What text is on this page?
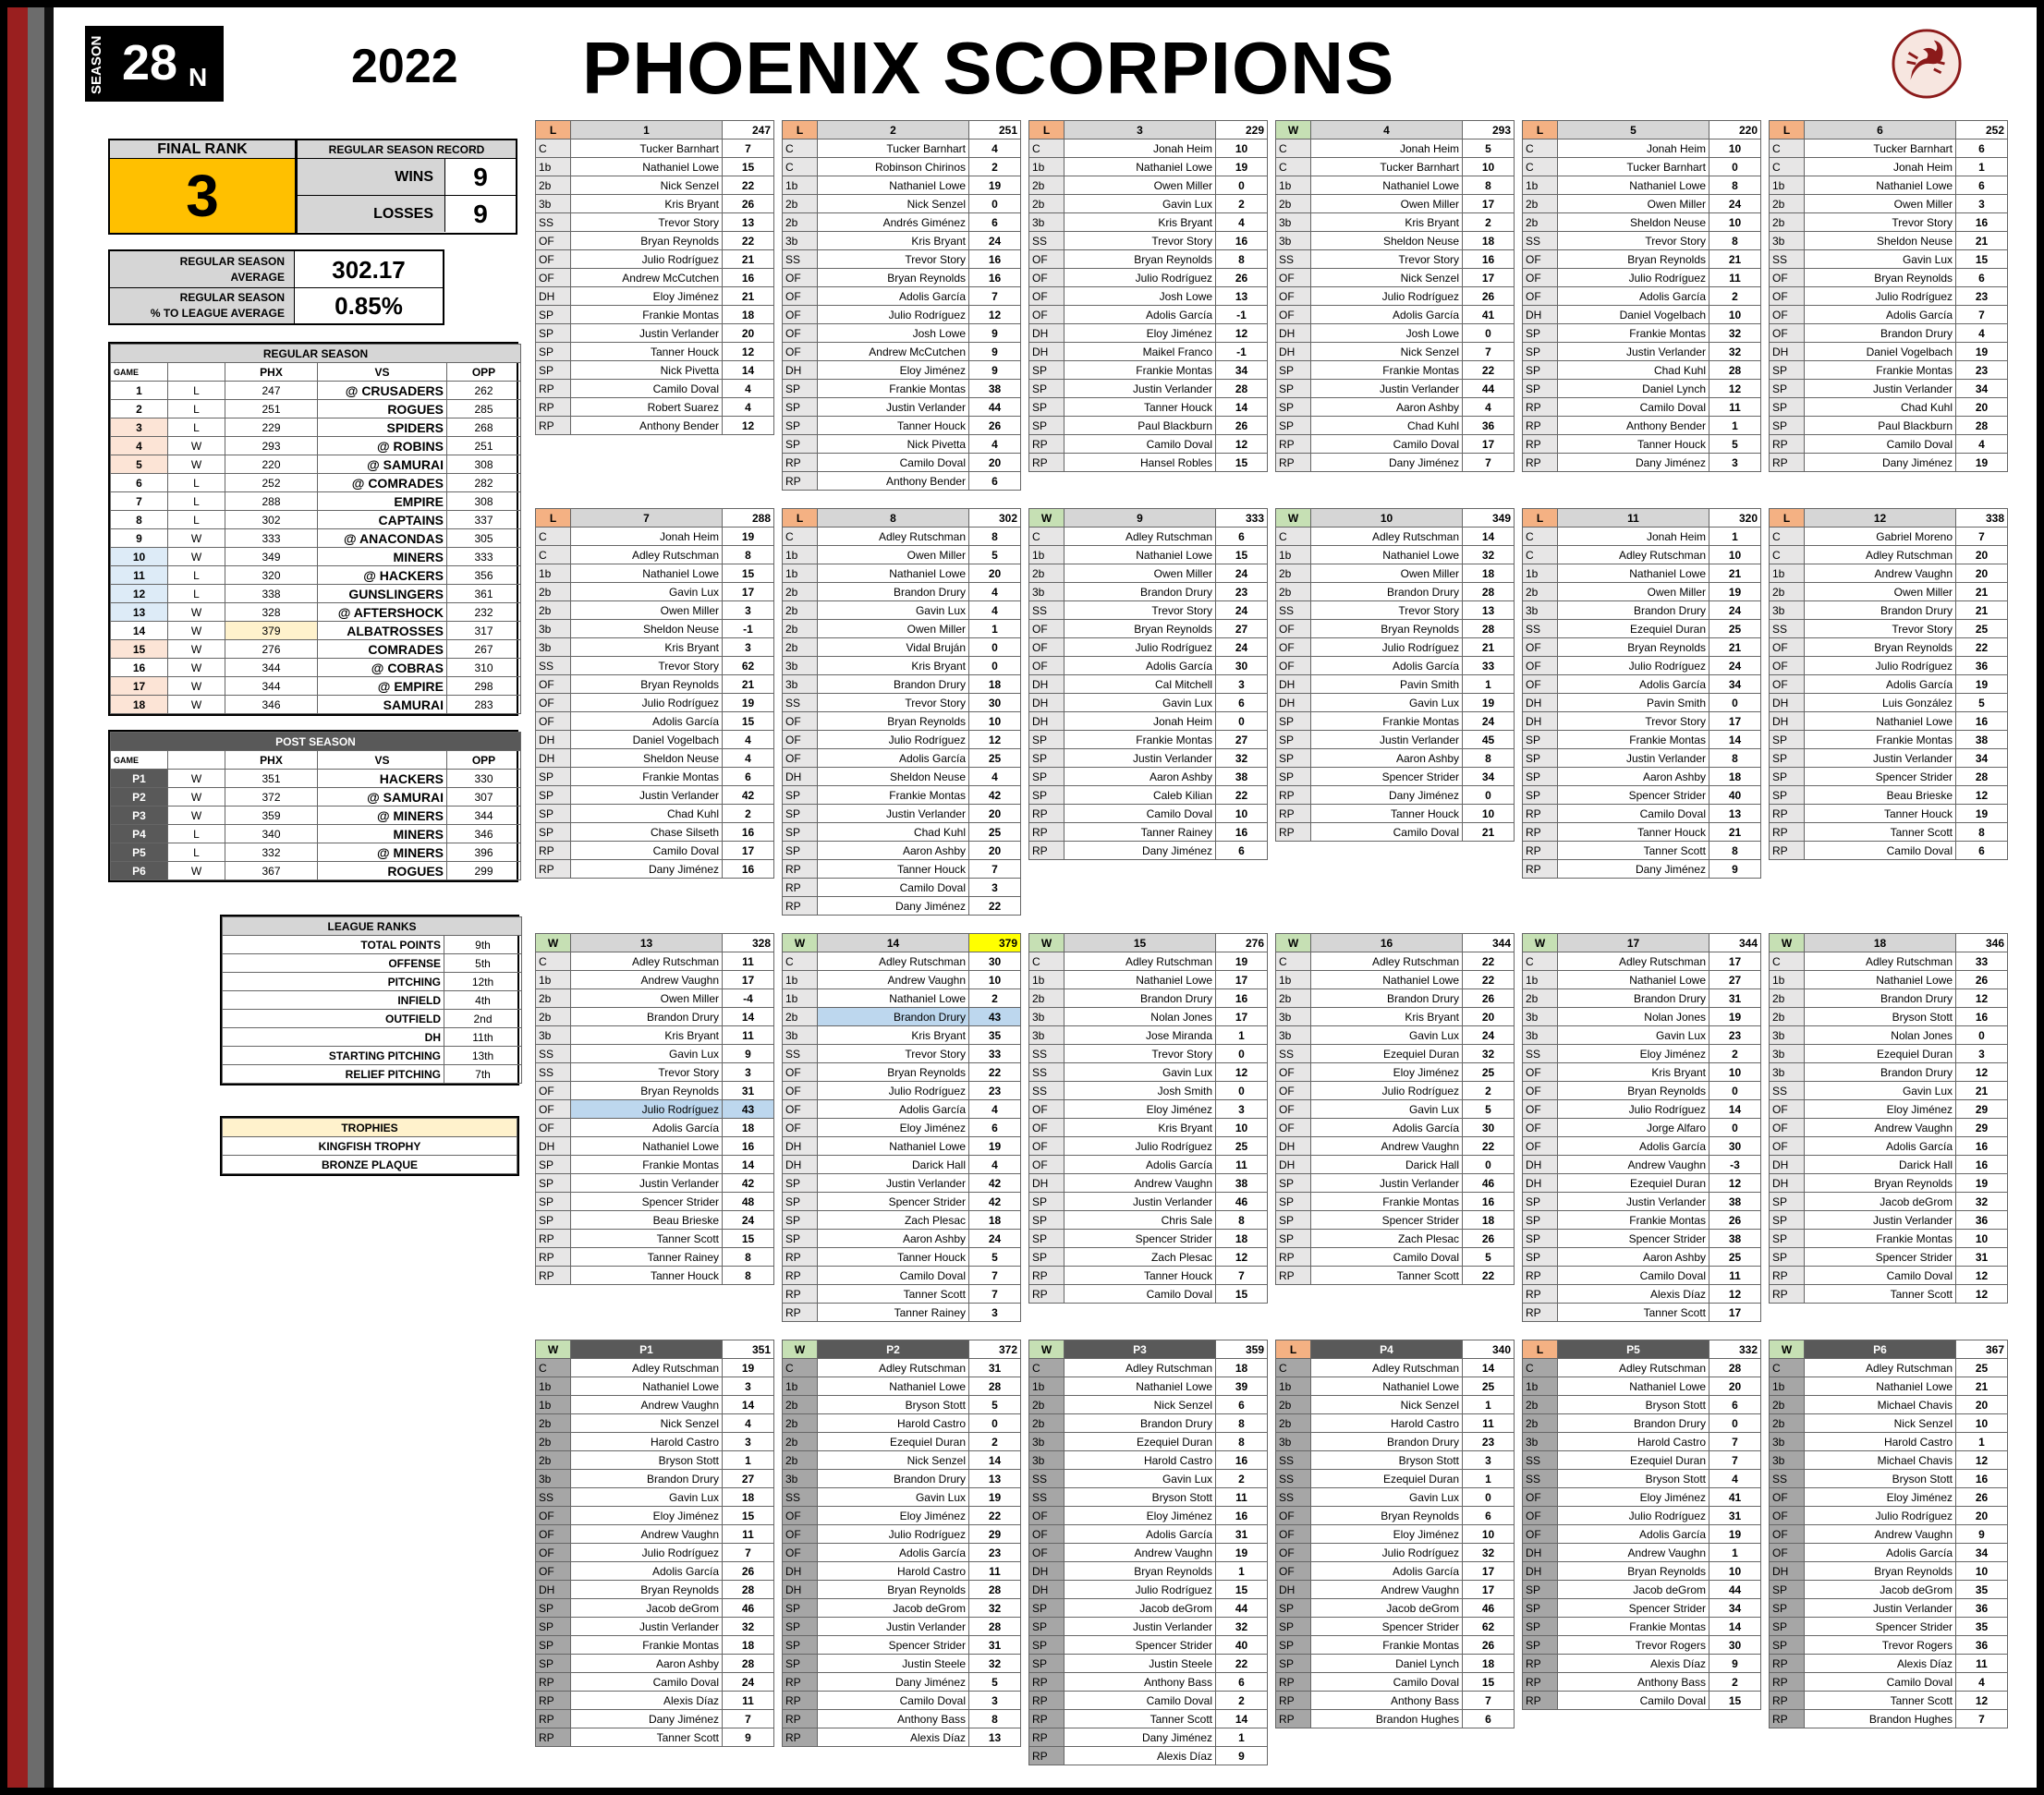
SEASON 28 N	2022 PHOENIX SCORPIONS
FINAL RANK
3
REGULAR SEASON RECORD
WINS	9
LOSSES	9
REGULAR SEASON
AVERAGE	302.17
REGULAR SEASON
% TO LEAGUE AVERAGE	0.85%
REGULAR SEASON				
GAME		PHX	VS	OPP
1	L	247	@ CRUSADERS	262
2	L	251	ROGUES	285
3	L	229	SPIDERS	268
4	W	293	@ ROBINS	251
5	W	220	@ SAMURAI	308
6	L	252	@ COMRADES	282
7	L	288	EMPIRE	308
8	L	302	CAPTAINS	337
9	W	333	@ ANACONDAS	305
10	W	349	MINERS	333
11	L	320	@ HACKERS	356
12	L	338	GUNSLINGERS	361
13	W	328	@ AFTERSHOCK	232
14	W	379	ALBATROSSES	317
15	W	276	COMRADES	267
16	W	344	@ COBRAS	310
17	W	344	@ EMPIRE	298
18	W	346	SAMURAI	283
POST SEASON				
GAME		PHX	VS	OPP
P1	W	351	HACKERS	330
P2	W	372	@ SAMURAI	307
P3	W	359	@ MINERS	344
P4	L	340	MINERS	346
P5	L	332	@ MINERS	396
P6	W	367	ROGUES	299
LEAGUE RANKS	
TOTAL POINTS	9th
OFFENSE	5th
PITCHING	12th
INFIELD	4th
OUTFIELD	2nd
DH	11th
STARTING PITCHING	13th
RELIEF PITCHING	7th
TROPHIES
KINGFISH TROPHY
BRONZE PLAQUE
L	1	247
C	Tucker Barnhart	7
1b	Nathaniel Lowe	15
2b	Nick Senzel	22
3b	Kris Bryant	26
SS	Trevor Story	13
OF	Bryan Reynolds	22
OF	Julio Rodríguez	21
OF	Andrew McCutchen	16
DH	Eloy Jiménez	21
SP	Frankie Montas	18
SP	Justin Verlander	20
SP	Tanner Houck	12
SP	Nick Pivetta	14
RP	Camilo Doval	4
RP	Robert Suarez	4
RP	Anthony Bender	12
L	2	251
C	Tucker Barnhart	4
C	Robinson Chirinos	2
1b	Nathaniel Lowe	19
2b	Nick Senzel	0
2b	Andrés Giménez	6
3b	Kris Bryant	24
SS	Trevor Story	16
OF	Bryan Reynolds	16
OF	Adolis García	7
OF	Julio Rodríguez	12
OF	Josh Lowe	9
OF	Andrew McCutchen	9
DH	Eloy Jiménez	9
SP	Frankie Montas	38
SP	Justin Verlander	44
SP	Tanner Houck	26
SP	Nick Pivetta	4
RP	Camilo Doval	20
RP	Anthony Bender	6
L	3	229
C	Jonah Heim	10
1b	Nathaniel Lowe	19
2b	Owen Miller	0
2b	Gavin Lux	2
3b	Kris Bryant	4
SS	Trevor Story	16
OF	Bryan Reynolds	8
OF	Julio Rodríguez	26
OF	Josh Lowe	13
OF	Adolis García	-1
DH	Eloy Jiménez	12
DH	Maikel Franco	-1
SP	Frankie Montas	34
SP	Justin Verlander	28
SP	Tanner Houck	14
SP	Paul Blackburn	26
RP	Camilo Doval	12
RP	Hansel Robles	15
W	4	293
C	Jonah Heim	5
C	Tucker Barnhart	10
1b	Nathaniel Lowe	8
2b	Owen Miller	17
3b	Kris Bryant	2
3b	Sheldon Neuse	18
SS	Trevor Story	16
OF	Nick Senzel	17
OF	Julio Rodríguez	26
OF	Adolis García	41
DH	Josh Lowe	0
DH	Nick Senzel	7
SP	Frankie Montas	22
SP	Justin Verlander	44
SP	Aaron Ashby	4
SP	Chad Kuhl	36
RP	Camilo Doval	17
RP	Dany Jiménez	7
L	5	220
C	Jonah Heim	10
C	Tucker Barnhart	0
1b	Nathaniel Lowe	8
2b	Owen Miller	24
2b	Sheldon Neuse	10
SS	Trevor Story	8
OF	Bryan Reynolds	21
OF	Julio Rodríguez	11
OF	Adolis García	2
DH	Daniel Vogelbach	10
SP	Frankie Montas	32
SP	Justin Verlander	32
SP	Chad Kuhl	28
SP	Daniel Lynch	12
RP	Camilo Doval	11
RP	Anthony Bender	1
RP	Tanner Houck	5
RP	Dany Jiménez	3
L	6	252
C	Tucker Barnhart	6
C	Jonah Heim	1
1b	Nathaniel Lowe	6
2b	Owen Miller	3
2b	Trevor Story	16
3b	Sheldon Neuse	21
SS	Gavin Lux	15
OF	Bryan Reynolds	6
OF	Julio Rodríguez	23
OF	Adolis García	7
OF	Brandon Drury	4
DH	Daniel Vogelbach	19
SP	Frankie Montas	23
SP	Justin Verlander	34
SP	Chad Kuhl	20
SP	Paul Blackburn	28
RP	Camilo Doval	4
RP	Dany Jiménez	19
L	7	288
C	Jonah Heim	19
C	Adley Rutschman	8
1b	Nathaniel Lowe	15
2b	Gavin Lux	17
2b	Owen Miller	3
3b	Sheldon Neuse	-1
3b	Kris Bryant	3
SS	Trevor Story	62
OF	Bryan Reynolds	21
OF	Julio Rodríguez	19
OF	Adolis García	15
DH	Daniel Vogelbach	4
DH	Sheldon Neuse	4
SP	Frankie Montas	6
SP	Justin Verlander	42
SP	Chad Kuhl	2
SP	Chase Silseth	16
RP	Camilo Doval	17
RP	Dany Jiménez	16
L	8	302
C	Adley Rutschman	8
1b	Owen Miller	5
1b	Nathaniel Lowe	20
2b	Brandon Drury	4
2b	Gavin Lux	4
2b	Owen Miller	1
2b	Vidal Bruján	0
3b	Kris Bryant	0
3b	Brandon Drury	18
SS	Trevor Story	30
OF	Bryan Reynolds	10
OF	Julio Rodríguez	12
OF	Adolis García	25
DH	Sheldon Neuse	4
SP	Frankie Montas	42
SP	Justin Verlander	20
SP	Chad Kuhl	25
SP	Aaron Ashby	20
RP	Tanner Houck	7
RP	Camilo Doval	3
RP	Dany Jiménez	22
W	9	333
C	Adley Rutschman	6
1b	Nathaniel Lowe	15
2b	Owen Miller	24
3b	Brandon Drury	23
SS	Trevor Story	24
OF	Bryan Reynolds	27
OF	Julio Rodríguez	24
OF	Adolis García	30
DH	Cal Mitchell	3
DH	Gavin Lux	6
DH	Jonah Heim	0
SP	Frankie Montas	27
SP	Justin Verlander	32
SP	Aaron Ashby	38
SP	Caleb Kilian	22
RP	Camilo Doval	10
RP	Tanner Rainey	16
RP	Dany Jiménez	6
W	10	349
C	Adley Rutschman	14
1b	Nathaniel Lowe	32
2b	Owen Miller	18
2b	Brandon Drury	28
SS	Trevor Story	13
OF	Bryan Reynolds	28
OF	Julio Rodríguez	21
OF	Adolis García	33
DH	Pavin Smith	1
DH	Gavin Lux	19
SP	Frankie Montas	24
SP	Justin Verlander	45
SP	Aaron Ashby	8
SP	Spencer Strider	34
RP	Dany Jiménez	0
RP	Tanner Houck	10
RP	Camilo Doval	21
L	11	320
C	Jonah Heim	1
C	Adley Rutschman	10
1b	Nathaniel Lowe	21
2b	Owen Miller	19
3b	Brandon Drury	24
SS	Ezequiel Duran	25
OF	Bryan Reynolds	21
OF	Julio Rodríguez	24
OF	Adolis García	34
DH	Pavin Smith	0
DH	Trevor Story	17
SP	Frankie Montas	14
SP	Justin Verlander	8
SP	Aaron Ashby	18
SP	Spencer Strider	40
RP	Camilo Doval	13
RP	Tanner Houck	21
RP	Tanner Scott	8
RP	Dany Jiménez	9
L	12	338
C	Gabriel Moreno	7
C	Adley Rutschman	20
1b	Andrew Vaughn	20
2b	Owen Miller	21
3b	Brandon Drury	21
SS	Trevor Story	25
OF	Bryan Reynolds	22
OF	Julio Rodríguez	36
OF	Adolis García	19
DH	Luis González	5
DH	Nathaniel Lowe	16
SP	Frankie Montas	38
SP	Justin Verlander	34
SP	Spencer Strider	28
SP	Beau Brieske	12
RP	Tanner Houck	19
RP	Tanner Scott	8
RP	Camilo Doval	6
W	13	328
C	Adley Rutschman	11
1b	Andrew Vaughn	17
2b	Owen Miller	-4
2b	Brandon Drury	14
3b	Kris Bryant	11
SS	Gavin Lux	9
SS	Trevor Story	3
OF	Bryan Reynolds	31
OF	Julio Rodríguez	43
OF	Adolis García	18
DH	Nathaniel Lowe	16
SP	Frankie Montas	14
SP	Justin Verlander	42
SP	Spencer Strider	48
SP	Beau Brieske	24
RP	Tanner Scott	15
RP	Tanner Rainey	8
RP	Tanner Houck	8
W	14	379
C	Adley Rutschman	30
1b	Andrew Vaughn	10
1b	Nathaniel Lowe	2
2b	Brandon Drury	43
3b	Kris Bryant	35
SS	Trevor Story	33
OF	Bryan Reynolds	22
OF	Julio Rodríguez	23
OF	Adolis García	4
OF	Eloy Jiménez	6
DH	Nathaniel Lowe	19
DH	Darick Hall	4
SP	Justin Verlander	42
SP	Spencer Strider	42
SP	Zach Plesac	18
SP	Aaron Ashby	24
RP	Tanner Houck	5
RP	Camilo Doval	7
RP	Tanner Scott	7
RP	Tanner Rainey	3
W	15	276
C	Adley Rutschman	19
1b	Nathaniel Lowe	17
2b	Brandon Drury	16
3b	Nolan Jones	17
3b	Jose Miranda	1
SS	Trevor Story	0
SS	Gavin Lux	12
SS	Josh Smith	0
OF	Eloy Jiménez	3
OF	Kris Bryant	10
OF	Julio Rodríguez	25
OF	Adolis García	11
DH	Andrew Vaughn	38
SP	Justin Verlander	46
SP	Chris Sale	8
SP	Spencer Strider	18
SP	Zach Plesac	12
RP	Tanner Houck	7
RP	Camilo Doval	15
W	16	344
C	Adley Rutschman	22
1b	Nathaniel Lowe	22
2b	Brandon Drury	26
3b	Kris Bryant	20
3b	Gavin Lux	24
SS	Ezequiel Duran	32
OF	Eloy Jiménez	25
OF	Julio Rodríguez	2
OF	Gavin Lux	5
OF	Adolis García	30
DH	Andrew Vaughn	22
DH	Darick Hall	0
SP	Justin Verlander	46
SP	Frankie Montas	16
SP	Spencer Strider	18
SP	Zach Plesac	26
RP	Camilo Doval	5
RP	Tanner Scott	22
W	17	344
C	Adley Rutschman	17
1b	Nathaniel Lowe	27
2b	Brandon Drury	31
3b	Nolan Jones	19
3b	Gavin Lux	23
SS	Eloy Jiménez	2
OF	Kris Bryant	10
OF	Bryan Reynolds	0
OF	Julio Rodríguez	14
OF	Jorge Alfaro	0
OF	Adolis García	30
DH	Andrew Vaughn	-3
DH	Ezequiel Duran	12
SP	Justin Verlander	38
SP	Frankie Montas	26
SP	Spencer Strider	38
SP	Aaron Ashby	25
RP	Camilo Doval	11
RP	Alexis Díaz	12
RP	Tanner Scott	17
W	18	346
C	Adley Rutschman	33
1b	Nathaniel Lowe	26
2b	Brandon Drury	12
2b	Bryson Stott	16
3b	Nolan Jones	0
3b	Ezequiel Duran	3
3b	Brandon Drury	12
SS	Gavin Lux	21
OF	Eloy Jiménez	29
OF	Andrew Vaughn	29
OF	Adolis García	16
DH	Darick Hall	16
DH	Bryan Reynolds	19
SP	Jacob deGrom	32
SP	Justin Verlander	36
SP	Frankie Montas	10
SP	Spencer Strider	31
RP	Camilo Doval	12
RP	Tanner Scott	12
W	P1	351
C	Adley Rutschman	19
1b	Nathaniel Lowe	3
1b	Andrew Vaughn	14
2b	Nick Senzel	4
2b	Harold Castro	3
2b	Bryson Stott	1
3b	Brandon Drury	27
SS	Gavin Lux	18
OF	Eloy Jiménez	15
OF	Andrew Vaughn	11
OF	Julio Rodríguez	7
OF	Adolis García	26
DH	Bryan Reynolds	28
SP	Jacob deGrom	46
SP	Justin Verlander	32
SP	Frankie Montas	18
SP	Aaron Ashby	28
RP	Camilo Doval	24
RP	Alexis Díaz	11
RP	Dany Jiménez	7
RP	Tanner Scott	9
W	P2	372
C	Adley Rutschman	31
1b	Nathaniel Lowe	28
2b	Bryson Stott	5
2b	Harold Castro	0
2b	Ezequiel Duran	2
2b	Nick Senzel	14
3b	Brandon Drury	13
SS	Gavin Lux	19
OF	Eloy Jiménez	22
OF	Julio Rodríguez	29
OF	Adolis García	23
DH	Harold Castro	11
DH	Bryan Reynolds	28
SP	Jacob deGrom	32
SP	Justin Verlander	28
SP	Spencer Strider	31
SP	Justin Steele	32
RP	Dany Jiménez	5
RP	Camilo Doval	3
RP	Anthony Bass	8
RP	Alexis Díaz	13
W	P3	359
C	Adley Rutschman	18
1b	Nathaniel Lowe	39
2b	Nick Senzel	6
2b	Brandon Drury	8
3b	Ezequiel Duran	8
3b	Harold Castro	16
SS	Gavin Lux	2
SS	Bryson Stott	11
OF	Eloy Jiménez	16
OF	Adolis García	31
OF	Andrew Vaughn	19
DH	Bryan Reynolds	1
DH	Julio Rodríguez	15
SP	Jacob deGrom	44
SP	Justin Verlander	32
SP	Spencer Strider	40
SP	Justin Steele	22
RP	Anthony Bass	6
RP	Camilo Doval	2
RP	Tanner Scott	14
RP	Dany Jiménez	1
RP	Alexis Díaz	9
L	P4	340
C	Adley Rutschman	14
1b	Nathaniel Lowe	25
2b	Nick Senzel	1
2b	Harold Castro	11
3b	Brandon Drury	23
SS	Bryson Stott	3
SS	Ezequiel Duran	1
SS	Gavin Lux	0
OF	Bryan Reynolds	6
OF	Eloy Jiménez	10
OF	Julio Rodríguez	32
OF	Adolis García	17
DH	Andrew Vaughn	17
SP	Jacob deGrom	46
SP	Spencer Strider	62
SP	Frankie Montas	26
SP	Daniel Lynch	18
RP	Camilo Doval	15
RP	Anthony Bass	7
RP	Brandon Hughes	6
L	P5	332
C	Adley Rutschman	28
1b	Nathaniel Lowe	20
2b	Bryson Stott	6
2b	Brandon Drury	0
3b	Harold Castro	7
SS	Ezequiel Duran	7
SS	Bryson Stott	4
OF	Eloy Jiménez	41
OF	Julio Rodríguez	31
OF	Adolis García	19
DH	Andrew Vaughn	1
DH	Bryan Reynolds	10
SP	Jacob deGrom	44
SP	Spencer Strider	34
SP	Frankie Montas	14
SP	Trevor Rogers	30
RP	Alexis Díaz	9
RP	Anthony Bass	2
RP	Camilo Doval	15
W	P6	367
C	Adley Rutschman	25
1b	Nathaniel Lowe	21
2b	Michael Chavis	20
2b	Nick Senzel	10
3b	Harold Castro	1
3b	Michael Chavis	12
SS	Bryson Stott	16
OF	Eloy Jiménez	26
OF	Julio Rodríguez	20
OF	Andrew Vaughn	9
OF	Adolis García	34
DH	Bryan Reynolds	10
SP	Jacob deGrom	35
SP	Justin Verlander	36
SP	Spencer Strider	35
SP	Trevor Rogers	36
RP	Alexis Díaz	11
RP	Camilo Doval	4
RP	Tanner Scott	12
RP	Brandon Hughes	7
